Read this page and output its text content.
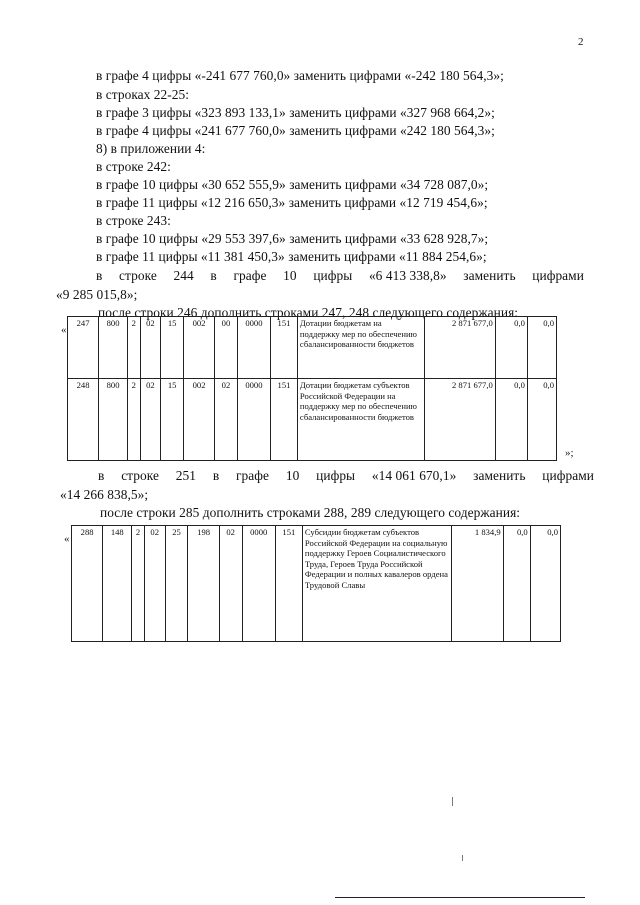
2
в графе 4 цифры «-241 677 760,0» заменить цифрами «-242 180 564,3»;
в строках 22-25:
в графе 3 цифры «323 893 133,1» заменить цифрами «327 968 664,2»;
в графе 4 цифры «241 677 760,0» заменить цифрами «242 180 564,3»;
8) в приложении 4:
в строке 242:
в графе 10 цифры «30 652 555,9» заменить цифрами «34 728 087,0»;
в графе 11 цифры «12 216 650,3» заменить цифрами «12 719 454,6»;
в строке 243:
в графе 10 цифры «29 553 397,6» заменить цифрами «33 628 928,7»;
в графе 11 цифры «11 381 450,3» заменить цифрами «11 884 254,6»;
в строке 244 в графе 10 цифры «6 413 338,8» заменить цифрами
«9 285 015,8»;
после строки 246 дополнить строками 247, 248 следующего содержания:
«
247	800	2	02	15	002	00	0000	151	Дотации бюджетам на поддержку мер по обеспечению сбалансированности бюджетов	2 871 677,0	0,0	0,0
248	800	2	02	15	002	02	0000	151	Дотации бюджетам субъектов Российской Федерации на поддержку мер по обеспечению сбалансированности бюджетов	2 871 677,0	0,0	0,0
»;
в строке 251 в графе 10 цифры «14 061 670,1» заменить цифрами
«14 266 838,5»;
после строки 285 дополнить строками 288, 289 следующего содержания:
«
288	148	2	02	25	198	02	0000	151	Субсидии бюджетам субъектов Российской Федерации на социальную поддержку Героев Социалистического Труда, Героев Труда Российской Федерации и полных кавалеров ордена Трудовой Славы	1 834,9	0,0	0,0
